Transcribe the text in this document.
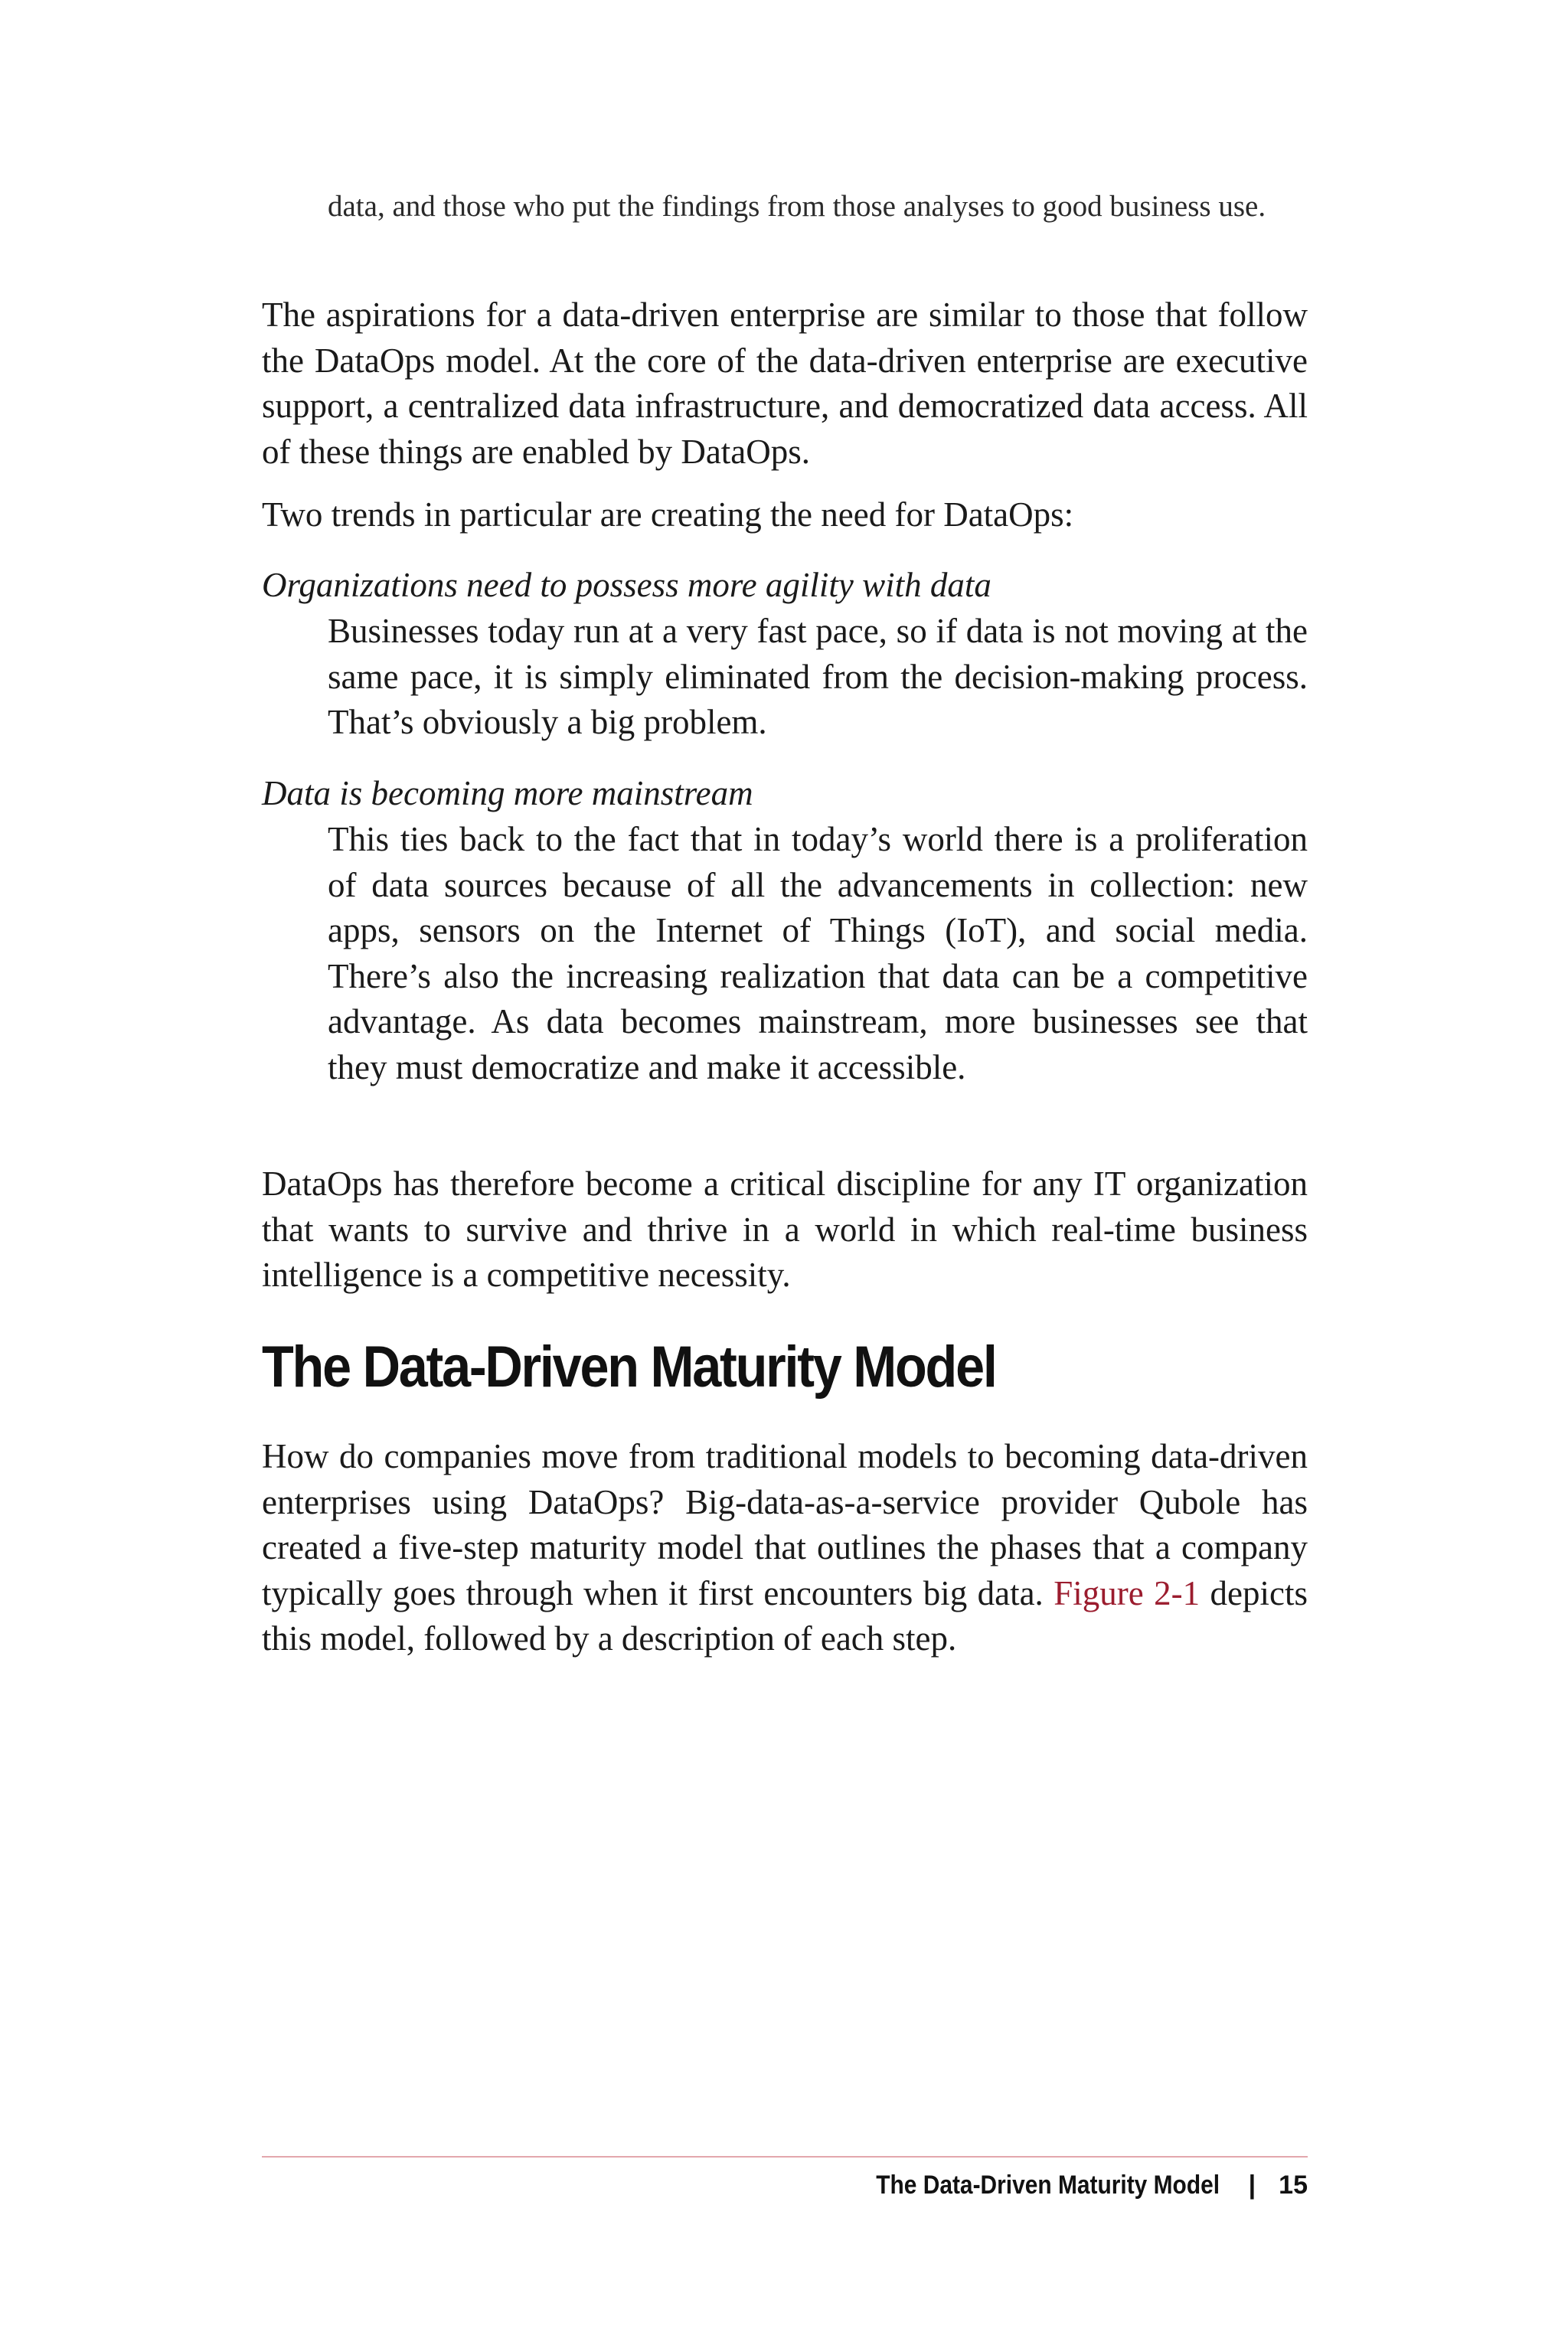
data, and those who put the findings from those analyses to good business use.

The aspirations for a data-driven enterprise are similar to those that follow the DataOps model. At the core of the data-driven enterprise are executive support, a centralized data infrastructure, and democratized data access. All of these things are enabled by DataOps.

Two trends in particular are creating the need for DataOps:

Organizations need to possess more agility with data

Businesses today run at a very fast pace, so if data is not moving at the same pace, it is simply eliminated from the decision-making process. That’s obviously a big problem.

Data is becoming more mainstream

This ties back to the fact that in today’s world there is a proliferation of data sources because of all the advancements in collection: new apps, sensors on the Internet of Things (IoT), and social media. There’s also the increasing realization that data can be a competitive advantage. As data becomes mainstream, more businesses see that they must democratize and make it accessible.

DataOps has therefore become a critical discipline for any IT organization that wants to survive and thrive in a world in which real-time business intelligence is a competitive necessity.

The Data-Driven Maturity Model

How do companies move from traditional models to becoming data-driven enterprises using DataOps? Big-data-as-a-service provider Qubole has created a five-step maturity model that outlines the phases that a company typically goes through when it first encounters big data. Figure 2-1 depicts this model, followed by a description of each step.

The Data-Driven Maturity Model | 15
